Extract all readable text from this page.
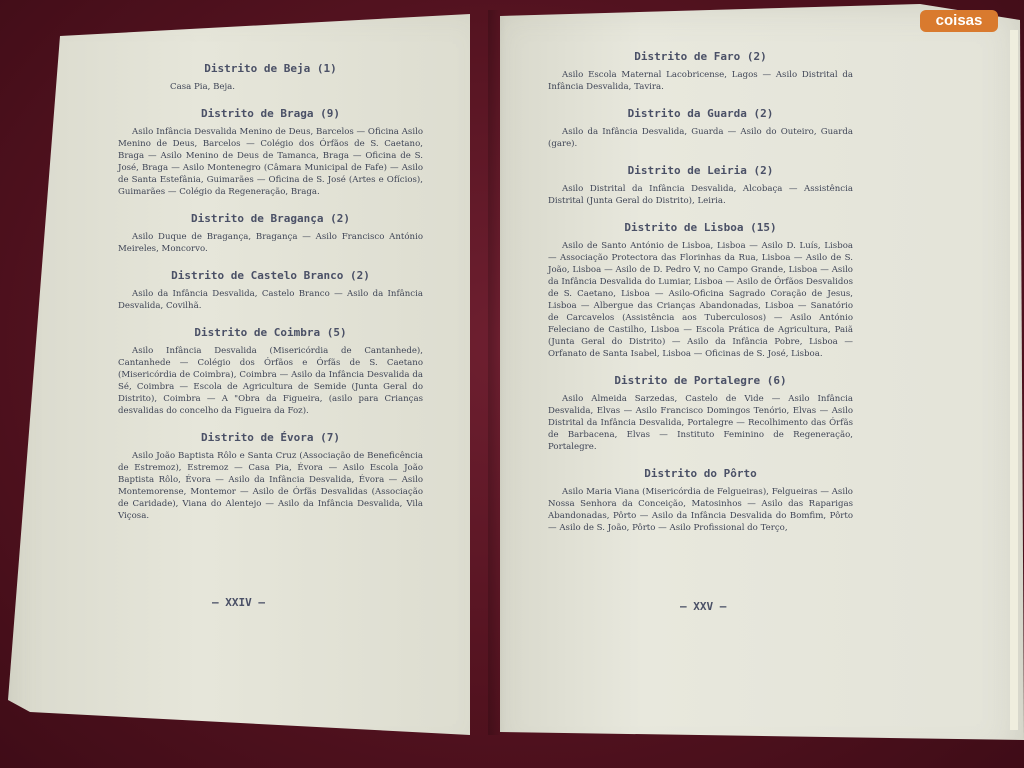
Distrito de Beja (1)
Casa Pia, Beja.
Distrito de Braga (9)
Asilo Infância Desvalida Menino de Deus, Barcelos — Oficina Asilo Menino de Deus, Barcelos — Colégio dos Órfãos de S. Caetano, Braga — Asilo Menino de Deus de Tamanca, Braga — Oficina de S. José, Braga — Asilo Montenegro (Câmara Municipal de Fafe) — Asilo de Santa Estefânia, Guimarães — Oficina de S. José (Artes e Ofícios), Guimarães — Colégio da Regeneração, Braga.
Distrito de Bragança (2)
Asilo Duque de Bragança, Bragança — Asilo Francisco António Meireles, Moncorvo.
Distrito de Castelo Branco (2)
Asilo da Infância Desvalida, Castelo Branco — Asilo da Infância Desvalida, Covilhã.
Distrito de Coimbra (5)
Asilo Infância Desvalida (Misericórdia de Cantanhede), Cantanhede — Colégio dos Órfãos e Órfãs de S. Caetano (Misericórdia de Coimbra), Coimbra — Asilo da Infância Desvalida da Sé, Coimbra — Escola de Agricultura de Semide (Junta Geral do Distrito), Coimbra — A "Obra da Figueira, (asilo para Crianças desvalidas do concelho da Figueira da Foz).
Distrito de Évora (7)
Asilo João Baptista Rôlo e Santa Cruz (Associação de Beneficência de Estremoz), Estremoz — Casa Pia, Évora — Asilo Escola João Baptista Rôlo, Évora — Asilo da Infância Desvalida, Évora — Asilo Montemorense, Montemor — Asilo de Órfãs Desvalidas (Associação de Caridade), Viana do Alentejo — Asilo da Infância Desvalida, Vila Viçosa.
— XXIV —
Distrito de Faro (2)
Asilo Escola Maternal Lacobricense, Lagos — Asilo Distrital da Infância Desvalida, Tavira.
Distrito da Guarda (2)
Asilo da Infância Desvalida, Guarda — Asilo do Outeiro, Guarda (gare).
Distrito de Leiria (2)
Asilo Distrital da Infância Desvalida, Alcobaça — Assistência Distrital (Junta Geral do Distrito), Leiria.
Distrito de Lisboa (15)
Asilo de Santo António de Lisboa, Lisboa — Asilo D. Luís, Lisboa — Associação Protectora das Florinhas da Rua, Lisboa — Asilo de S. João, Lisboa — Asilo de D. Pedro V, no Campo Grande, Lisboa — Asilo da Infância Desvalida do Lumiar, Lisboa — Asilo de Órfãos Desvalidos de S. Caetano, Lisboa — Asilo-Oficina Sagrado Coração de Jesus, Lisboa — Albergue das Crianças Abandonadas, Lisboa — Sanatório de Carcavelos (Assistência aos Tuberculosos) — Asilo António Feleciano de Castilho, Lisboa — Escola Prática de Agricultura, Paiã (Junta Geral do Distrito) — Asilo da Infância Pobre, Lisboa — Orfanato de Santa Isabel, Lisboa — Oficinas de S. José, Lisboa.
Distrito de Portalegre (6)
Asilo Almeida Sarzedas, Castelo de Vide — Asilo Infância Desvalida, Elvas — Asilo Francisco Domingos Tenório, Elvas — Asilo Distrital da Infância Desvalida, Portalegre — Recolhimento das Órfãs de Barbacena, Elvas — Instituto Feminino de Regeneração, Portalegre.
Distrito do Pôrto
Asilo Maria Viana (Misericórdia de Felgueiras), Felgueiras — Asilo Nossa Senhora da Conceição, Matosinhos — Asilo das Raparigas Abandonadas, Pôrto — Asilo da Infância Desvalida do Bomfim, Pôrto — Asilo de S. João, Pôrto — Asilo Profissional do Terço,
— XXV —
coisas
